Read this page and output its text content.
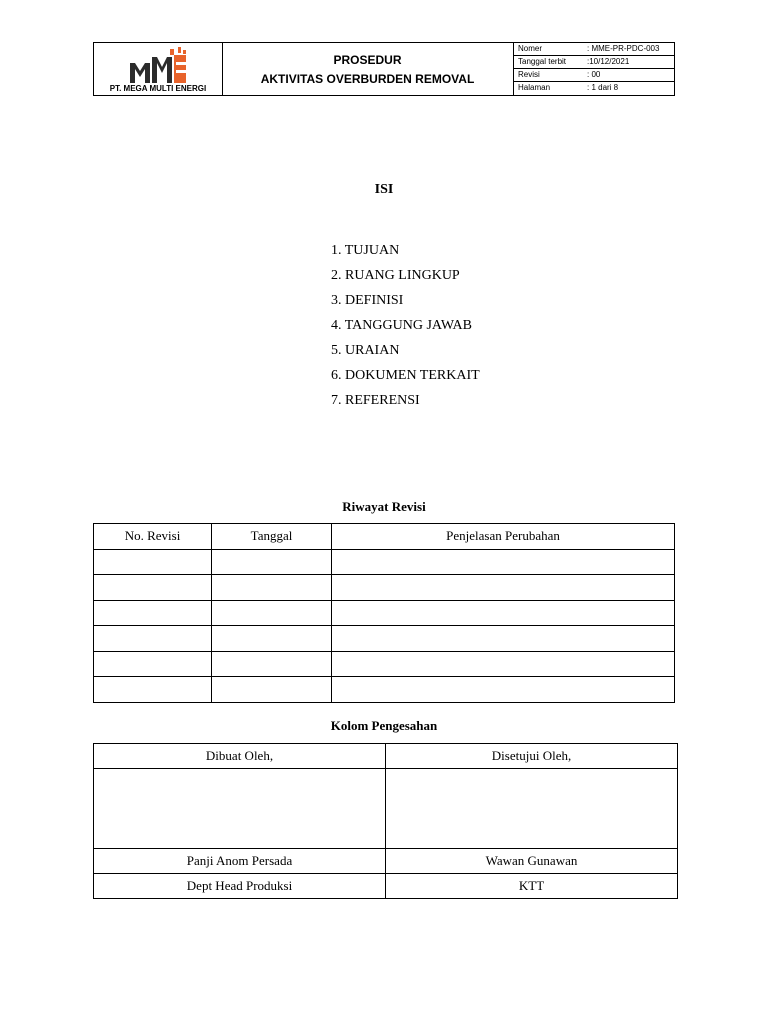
PT. MEGA MULTI ENERGI
PROSEDUR
AKTIVITAS OVERBURDEN REMOVAL
Nomer	: MME-PR-PDC-003
Tanggal terbit	:10/12/2021
Revisi	: 00
Halaman	: 1 dari 8
ISI
1. TUJUAN
2. RUANG LINGKUP
3. DEFINISI
4. TANGGUNG JAWAB
5. URAIAN
6. DOKUMEN TERKAIT
7. REFERENSI
Riwayat Revisi
No. Revisi	Tanggal	Penjelasan Perubahan

Kolom Pengesahan
Dibuat Oleh,	Disetujui Oleh,

Panji Anom Persada	Wawan Gunawan
Dept Head Produksi	KTT
